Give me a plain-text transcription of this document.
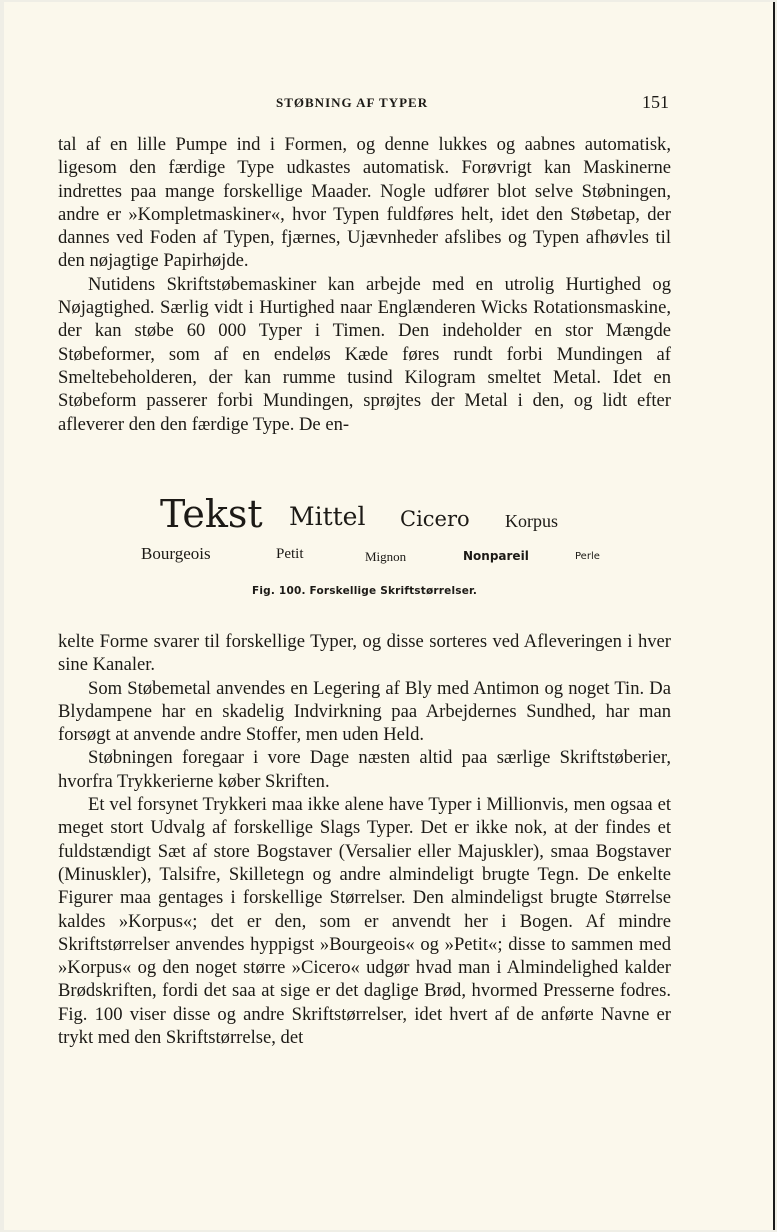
STØBNING AF TYPER	151

tal af en lille Pumpe ind i Formen, og denne lukkes og aabnes automatisk, ligesom den færdige Type udkastes automatisk. Forøvrigt kan Maskinerne indrettes paa mange forskellige Maader. Nogle udfører blot selve Støbningen, andre er »Kompletmaskiner«, hvor Typen fuldføres helt, idet den Støbetap, der dannes ved Foden af Typen, fjærnes, Ujævnheder afslibes og Typen afhøvles til den nøjagtige Papirhøjde.

Nutidens Skriftstøbemaskiner kan arbejde med en utrolig Hurtighed og Nøjagtighed. Særlig vidt i Hurtighed naar Englænderen Wicks Rotationsmaskine, der kan støbe 60 000 Typer i Timen. Den indeholder en stor Mængde Støbeformer, som af en endeløs Kæde føres rundt forbi Mundingen af Smeltebeholderen, der kan rumme tusind Kilogram smeltet Metal. Idet en Støbeform passerer forbi Mundingen, sprøjtes der Metal i den, og lidt efter afleverer den den færdige Type. De en-

Tekst Mittel Cicero Korpus
Bourgeois	Petit	Mignon	Nonpareil	Perle
Fig. 100. Forskellige Skriftstørrelser.

kelte Forme svarer til forskellige Typer, og disse sorteres ved Afleveringen i hver sine Kanaler.

Som Støbemetal anvendes en Legering af Bly med Antimon og noget Tin. Da Blydampene har en skadelig Indvirkning paa Arbejdernes Sundhed, har man forsøgt at anvende andre Stoffer, men uden Held.

Støbningen foregaar i vore Dage næsten altid paa særlige Skriftstøberier, hvorfra Trykkerierne køber Skriften.

Et vel forsynet Trykkeri maa ikke alene have Typer i Millionvis, men ogsaa et meget stort Udvalg af forskellige Slags Typer. Det er ikke nok, at der findes et fuldstændigt Sæt af store Bogstaver (Versalier eller Majuskler), smaa Bogstaver (Minuskler), Talsifre, Skilletegn og andre almindeligt brugte Tegn. De enkelte Figurer maa gentages i forskellige Størrelser. Den almindeligst brugte Størrelse kaldes »Korpus«; det er den, som er anvendt her i Bogen. Af mindre Skriftstørrelser anvendes hyppigst »Bourgeois« og »Petit«; disse to sammen med »Korpus« og den noget større »Cicero« udgør hvad man i Almindelighed kalder Brødskriften, fordi det saa at sige er det daglige Brød, hvormed Presserne fodres. Fig. 100 viser disse og andre Skriftstørrelser, idet hvert af de anførte Navne er trykt med den Skriftstørrelse, det
